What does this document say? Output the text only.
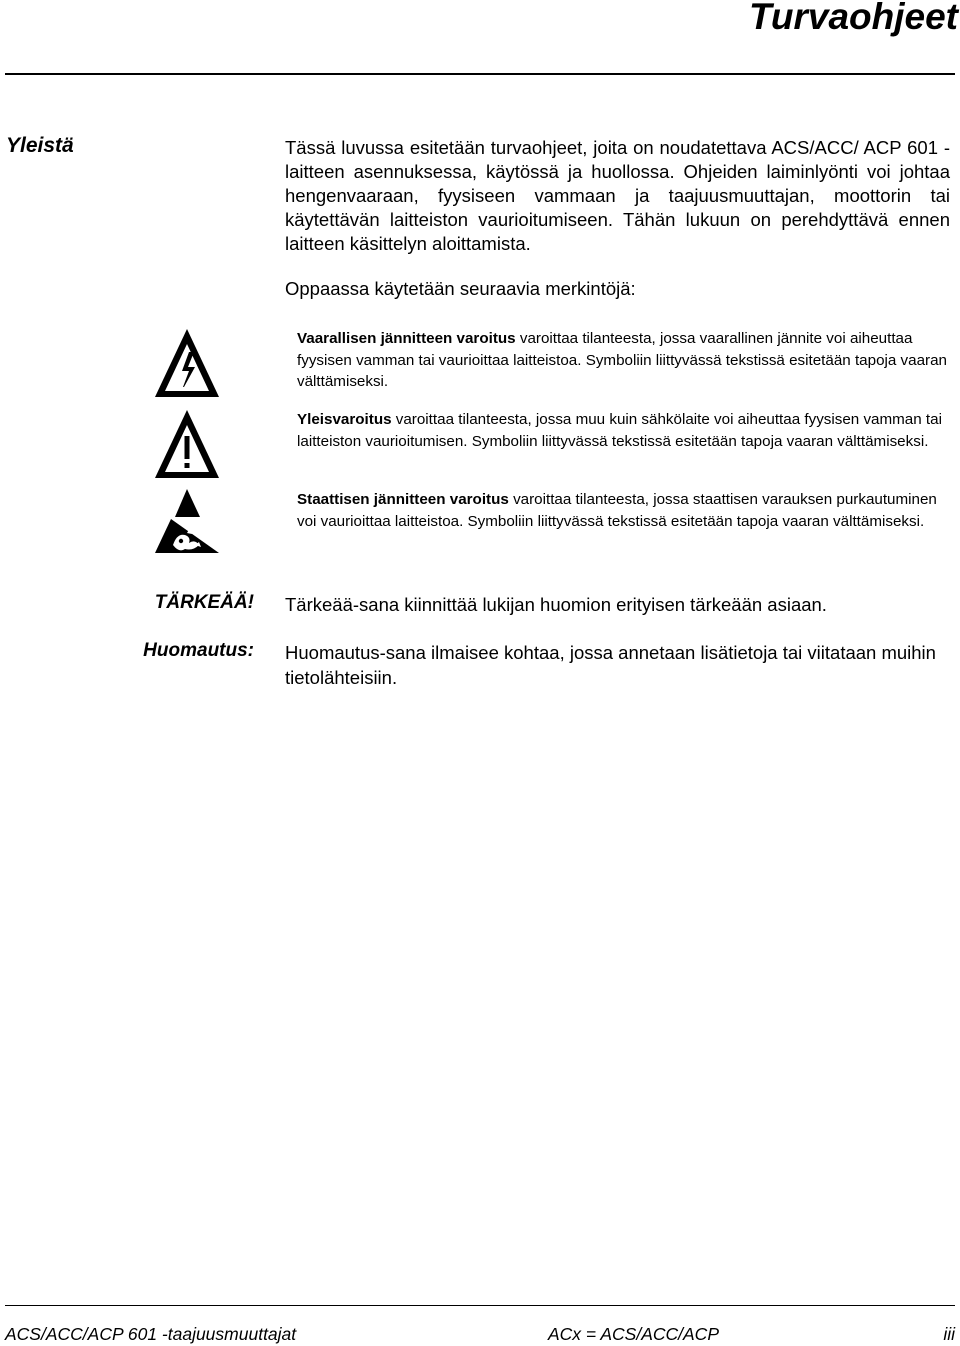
Turvaohjeet
Yleistä	Tässä luvussa esitetään turvaohjeet, joita on noudatettava ACS/ACC/ ACP 601 -laitteen asennuksessa, käytössä ja huollossa. Ohjeiden laiminlyönti voi johtaa hengenvaaraan, fyysiseen vammaan ja taajuusmuuttajan, moottorin tai käytettävän laitteiston vaurioitumiseen. Tähän lukuun on perehdyttävä ennen laitteen käsittelyn aloittamista.

Oppaassa käytetään seuraavia merkintöjä:
Vaarallisen jännitteen varoitus varoittaa tilanteesta, jossa vaarallinen jännite voi aiheuttaa fyysisen vamman tai vaurioittaa laitteistoa. Symboliin liittyvässä tekstissä esitetään tapoja vaaran välttämiseksi.
Yleisvaroitus varoittaa tilanteesta, jossa muu kuin sähkölaite voi aiheuttaa fyysisen vamman tai laitteiston vaurioitumisen. Symboliin liittyvässä tekstissä esitetään tapoja vaaran välttämiseksi.
Staattisen jännitteen varoitus varoittaa tilanteesta, jossa staattisen varauksen purkautuminen voi vaurioittaa laitteistoa. Symboliin liittyvässä tekstissä esitetään tapoja vaaran välttämiseksi.
TÄRKEÄÄ! Tärkeää-sana kiinnittää lukijan huomion erityisen tärkeään asiaan.
Huomautus: Huomautus-sana ilmaisee kohtaa, jossa annetaan lisätietoja tai viitataan muihin tietolähteisiin.
ACS/ACC/ACP 601 -taajuusmuuttajat	ACx = ACS/ACC/ACP	iii
